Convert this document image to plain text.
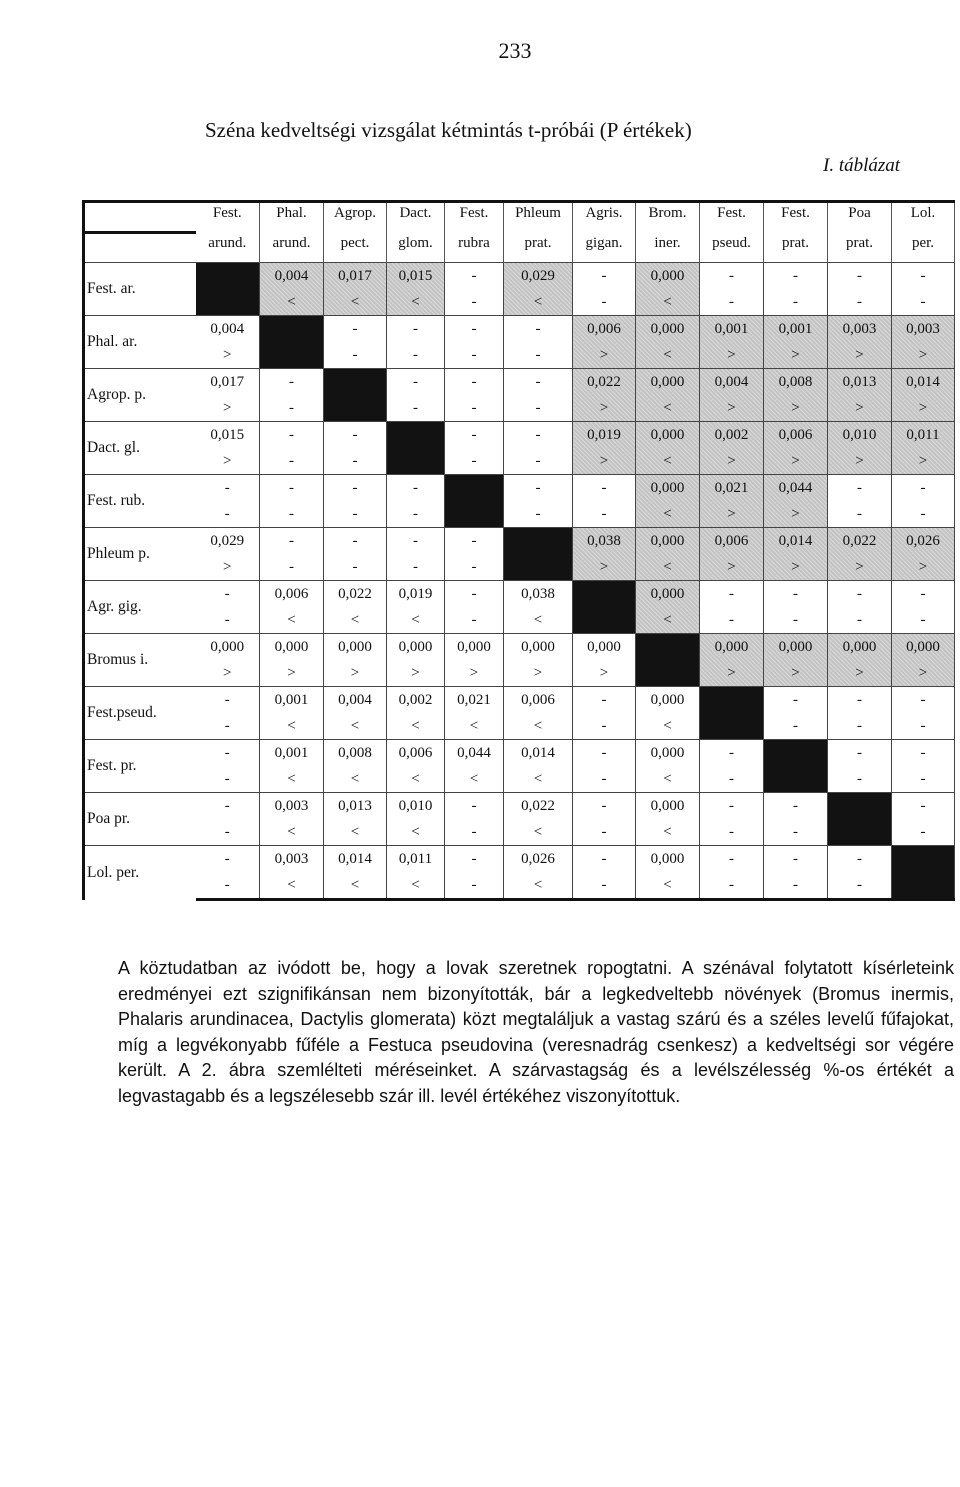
233
Széna kedveltségi vizsgálat kétmintás t-próbái (P értékek)
I. táblázat
	Fest.	Phal.	Agrop.	Dact.	Fest.	Phleum	Agris.	Brom.	Fest.	Fest.	Poa	Lol.
	arund.	arund.	pect.	glom.	rubra	prat.	gigan.	iner.	pseud.	prat.	prat.	per.
Fest. ar.		0,004	0,017	0,015	-	0,029	-	0,000	-	-	-	-
		<	<	<	-	<	-	<	-	-	-	-
Phal. ar.	0,004		-	-	-	-	0,006	0,000	0,001	0,001	0,003	0,003
	>		-	-	-	-	>	<	>	>	>	>
Agrop. p.	0,017	-		-	-	-	0,022	0,000	0,004	0,008	0,013	0,014
	>	-		-	-	-	>	<	>	>	>	>
Dact. gl.	0,015	-	-		-	-	0,019	0,000	0,002	0,006	0,010	0,011
	>	-	-		-	-	>	<	>	>	>	>
Fest. rub.	-	-	-	-		-	-	0,000	0,021	0,044	-	-
	-	-	-	-		-	-	<	>	>	-	-
Phleum p.	0,029	-	-	-	-		0,038	0,000	0,006	0,014	0,022	0,026
	>	-	-	-	-		>	<	>	>	>	>
Agr. gig.	-	0,006	0,022	0,019	-	0,038		0,000	-	-	-	-
	-	<	<	<	-	<		<	-	-	-	-
Bromus i.	0,000	0,000	0,000	0,000	0,000	0,000	0,000		0,000	0,000	0,000	0,000
	>	>	>	>	>	>	>		>	>	>	>
Fest.pseud.	-	0,001	0,004	0,002	0,021	0,006	-	0,000		-	-	-
	-	<	<	<	<	<	-	<		-	-	-
Fest. pr.	-	0,001	0,008	0,006	0,044	0,014	-	0,000	-		-	-
	-	<	<	<	<	<	-	<	-		-	-
Poa pr.	-	0,003	0,013	0,010	-	0,022	-	0,000	-	-		-
	-	<	<	<	-	<	-	<	-	-		-
Lol. per.	-	0,003	0,014	0,011	-	0,026	-	0,000	-	-	-	
	-	<	<	<	-	<	-	<	-	-	-	
A köztudatban az ivódott be, hogy a lovak szeretnek ropogtatni. A szénával folytatott kísérleteink eredményei ezt szignifikánsan nem bizonyították, bár a legkedveltebb növények (Bromus inermis, Phalaris arundinacea, Dactylis glomerata) közt megtaláljuk a vastag szárú és a széles levelű fűfajokat, míg a legvékonyabb fűféle a Festuca pseudovina (veresnadrág csenkesz) a kedveltségi sor végére került. A 2. ábra szemlélteti méréseinket. A szárvastagság és a levélszélesség %-os értékét a legvastagabb és a legszélesebb szár ill. levél értékéhez viszonyítottuk.
